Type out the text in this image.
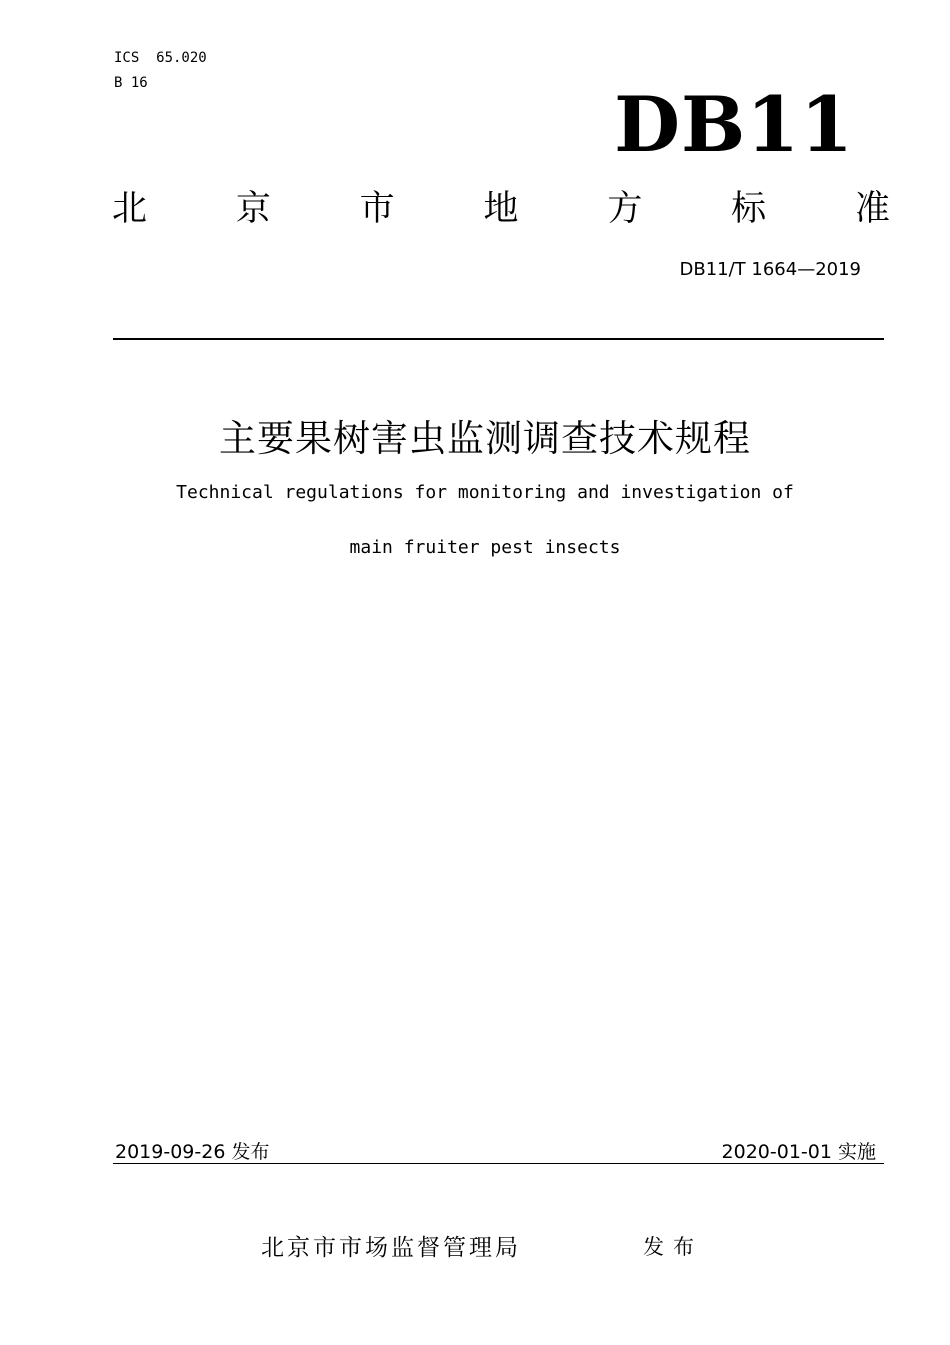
ICS  65.020
B 16	DB11
北	京	市	地	方	标	准
DB11/T 1664—2019
主要果树害虫监测调查技术规程
Technical regulations for monitoring and investigation of
main fruiter pest insects
2019-09-26 发布	2020-01-01 实施
北京市市场监督管理局	发布
